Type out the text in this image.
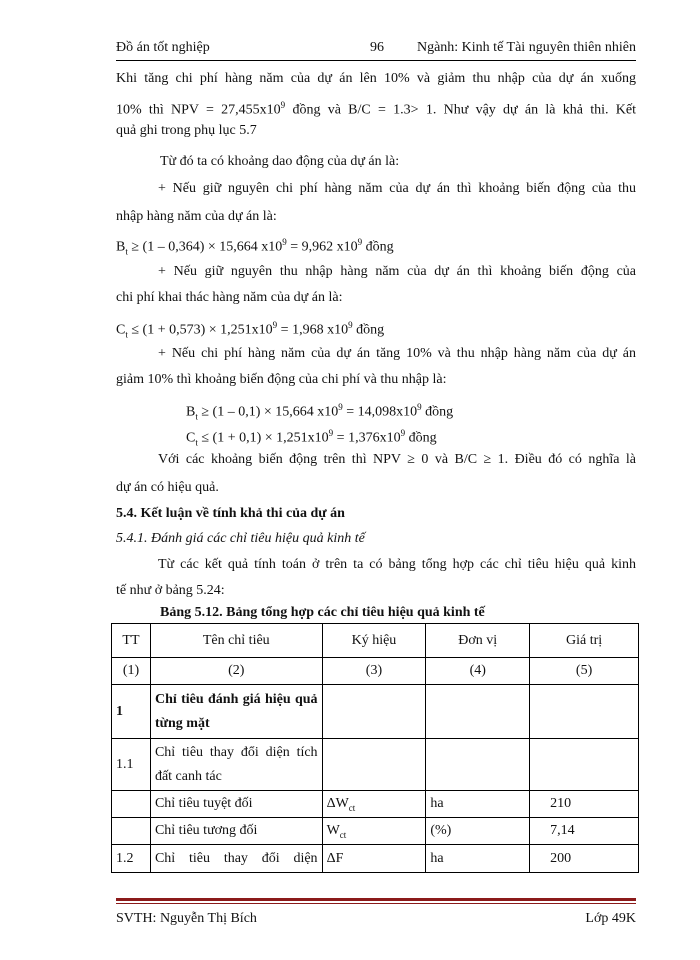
Đồ án tốt nghiệp	96 Ngành: Kinh tế Tài nguyên thiên nhiên
Khi tăng chi phí hàng năm của dự án lên 10% và giảm thu nhập của dự án xuống
10% thì NPV = $27,455x10^9$ đồng và B/C = 1.3> 1. Như vậy dự án là khả thi. Kết
quả ghi trong phụ lục 5.7
Từ đó ta có khoảng dao động của dự án là:
+ Nếu giữ nguyên chi phí hàng năm của dự án thì khoảng biến động của thu
nhập hàng năm của dự án là:
$B_t \ge (1 - 0,364) \times 15,664$ $x10^9 = 9,962$ $x10^9$ đồng
+ Nếu giữ nguyên thu nhập hàng năm của dự án thì khoảng biến động của
chi phí khai thác hàng năm của dự án là:
$C_t \le (1 + 0,573) \times 1,251x10^9 = 1,968$ $x10^9$ đồng
+ Nếu chi phí hàng năm của dự án tăng 10% và thu nhập hàng năm của dự án
giảm 10% thì khoảng biến động của chi phí và thu nhập là:
$B_t \ge (1 - 0,1) \times 15,664$ $x10^9 = 14,098x10^9$ đồng
$C_t \le (1 + 0,1) \times 1,251x10^9 = 1,376x10^9$ đồng
Với các khoảng biến động trên thì NPV ≥ 0 và B/C ≥ 1. Điều đó có nghĩa là
dự án có hiệu quả.
5.4. Kết luận về tính khả thi của dự án
5.4.1. Đánh giá các chỉ tiêu hiệu quả kinh tế
Từ các kết quả tính toán ở trên ta có bảng tổng hợp các chỉ tiêu hiệu quả kinh
tế như ở bảng 5.24:
Bảng 5.12. Bảng tổng hợp các chỉ tiêu hiệu quả kinh tế
TT	Tên chỉ tiêu	Ký hiệu	Đơn vị	Giá trị
(1)	(2)	(3)	(4)	(5)
1	Chỉ tiêu đánh giá hiệu quả từng mặt			
1.1	Chỉ tiêu thay đổi diện tích đất canh tác			
	Chỉ tiêu tuyệt đối	$\Delta W_{ct}$	ha	210
	Chỉ tiêu tương đối	$W_{ct}$	(%)	7,14
1.2	Chỉ tiêu thay đổi diện	ΔF	ha	200
SVTH: Nguyễn Thị Bích	Lớp 49K
